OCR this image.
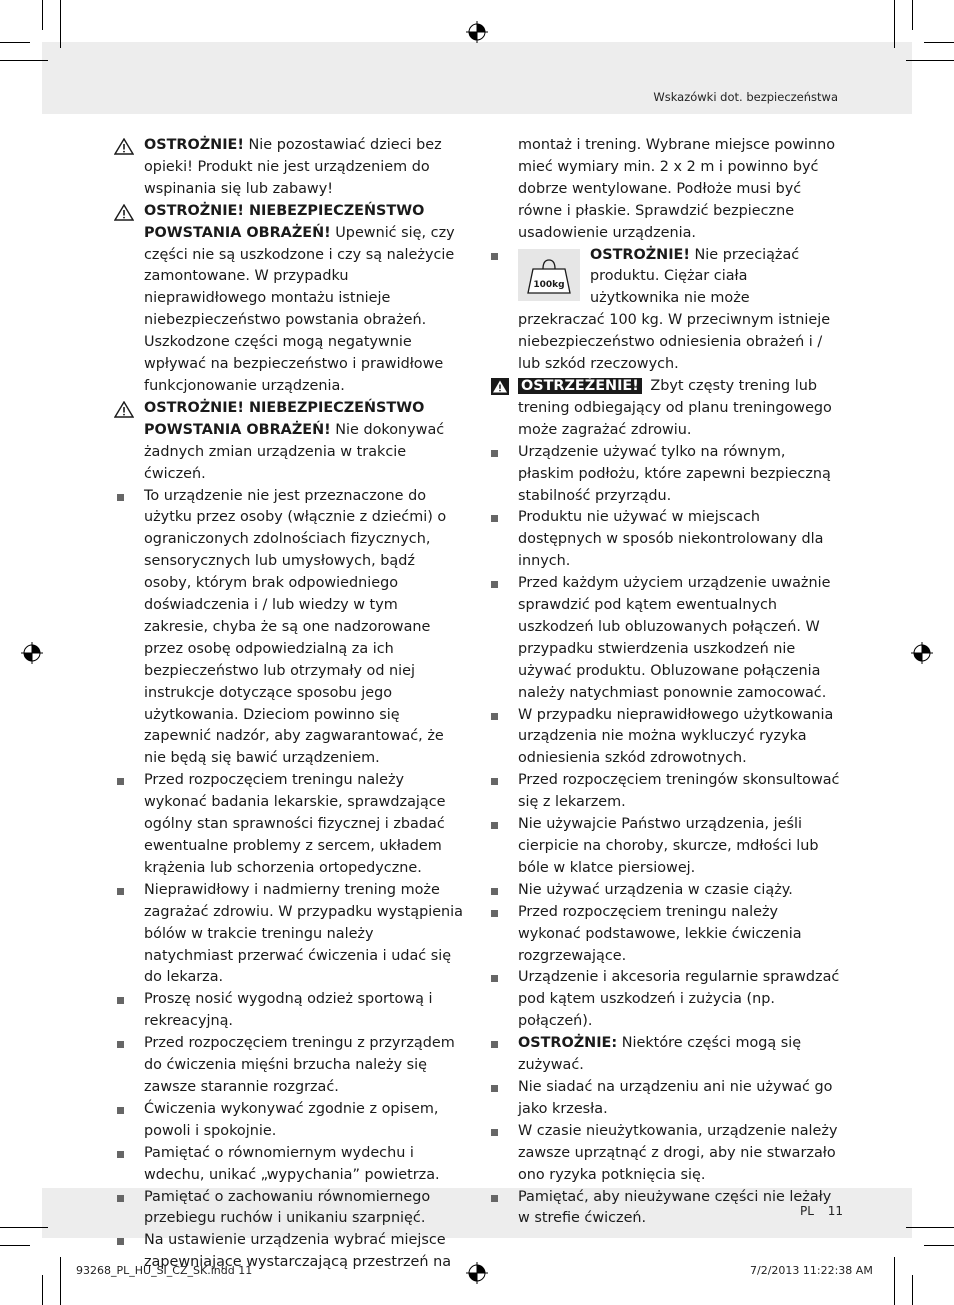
Wskazówki dot. bezpieczeństwa
OSTROŻNIE! Nie pozostawiać dzieci bez opieki! Produkt nie jest urządzeniem do wspinania się lub zabawy!
OSTROŻNIE! NIEBEZPIECZEŃSTWO POWSTANIA OBRAŻEŃ! Upewnić się, czy części nie są uszkodzone i czy są należycie zamontowane. W przypadku nieprawidłowego montażu istnieje niebezpieczeństwo powstania obrażeń. Uszkodzone części mogą negatywnie wpływać na bezpieczeństwo i prawidłowe funkcjonowanie urządzenia.
OSTROŻNIE! NIEBEZPIECZEŃSTWO POWSTANIA OBRAŻEŃ! Nie dokonywać żadnych zmian urządzenia w trakcie ćwiczeń.
To urządzenie nie jest przeznaczone do użytku przez osoby (włącznie z dziećmi) o ograniczonych zdolnościach fizycznych, sensorycznych lub umysłowych, bądź osoby, którym brak odpowiedniego doświadczenia i / lub wiedzy w tym zakresie, chyba że są one nadzorowane przez osobę odpowiedzialną za ich bezpieczeństwo lub otrzymały od niej instrukcje dotyczące sposobu jego użytkowania. Dzieciom powinno się zapewnić nadzór, aby zagwarantować, że nie będą się bawić urządzeniem.
Przed rozpoczęciem treningu należy wykonać badania lekarskie, sprawdzające ogólny stan sprawności fizycznej i zbadać ewentualne problemy z sercem, układem krążenia lub schorzenia ortopedyczne.
Nieprawidłowy i nadmierny trening może zagrażać zdrowiu. W przypadku wystąpienia bólów w trakcie treningu należy natychmiast przerwać ćwiczenia i udać się do lekarza.
Proszę nosić wygodną odzież sportową i rekreacyjną.
Przed rozpoczęciem treningu z przyrządem do ćwiczenia mięśni brzucha należy się zawsze starannie rozgrzać.
Ćwiczenia wykonywać zgodnie z opisem, powoli i spokojnie.
Pamiętać o równomiernym wydechu i wdechu, unikać „wypychania” powietrza.
Pamiętać o zachowaniu równomiernego przebiegu ruchów i unikaniu szarpnięć.
Na ustawienie urządzenia wybrać miejsce zapewniające wystarczającą przestrzeń na
montaż i trening. Wybrane miejsce powinno mieć wymiary min. 2 x 2 m i powinno być dobrze wentylowane. Podłoże musi być równe i płaskie. Sprawdzić bezpieczne usadowienie urządzenia.
100kg
OSTROŻNIE! Nie przeciążać produktu. Ciężar ciała użytkownika nie może przekraczać 100 kg. W przeciwnym istnieje niebezpieczeństwo odniesienia obrażeń i / lub szkód rzeczowych.
OSTRZEŻENIE! Zbyt częsty trening lub trening odbiegający od planu treningowego może zagrażać zdrowiu.
Urządzenie używać tylko na równym, płaskim podłożu, które zapewni bezpieczną stabilność przyrządu.
Produktu nie używać w miejscach dostępnych w sposób niekontrolowany dla innych.
Przed każdym użyciem urządzenie uważnie sprawdzić pod kątem ewentualnych uszkodzeń lub obluzowanych połączeń. W przypadku stwierdzenia uszkodzeń nie używać produktu. Obluzowane połączenia należy natychmiast ponownie zamocować.
W przypadku nieprawidłowego użytkowania urządzenia nie można wykluczyć ryzyka odniesienia szkód zdrowotnych.
Przed rozpoczęciem treningów skonsultować się z lekarzem.
Nie używajcie Państwo urządzenia, jeśli cierpicie na choroby, skurcze, mdłości lub bóle w klatce piersiowej.
Nie używać urządzenia w czasie ciąży.
Przed rozpoczęciem treningu należy wykonać podstawowe, lekkie ćwiczenia rozgrzewające.
Urządzenie i akcesoria regularnie sprawdzać pod kątem uszkodzeń i zużycia (np. połączeń).
OSTROŻNIE: Niektóre części mogą się zużywać.
Nie siadać na urządzeniu ani nie używać go jako krzesła.
W czasie nieużytkowania, urządzenie należy zawsze uprzątnąć z drogi, aby nie stwarzało ono ryzyka potknięcia się.
Pamiętać, aby nieużywane części nie leżały w strefie ćwiczeń.	PL 11
93268_PL_HU_SI_CZ_SK.indd 11	7/2/2013 11:22:38 AM
